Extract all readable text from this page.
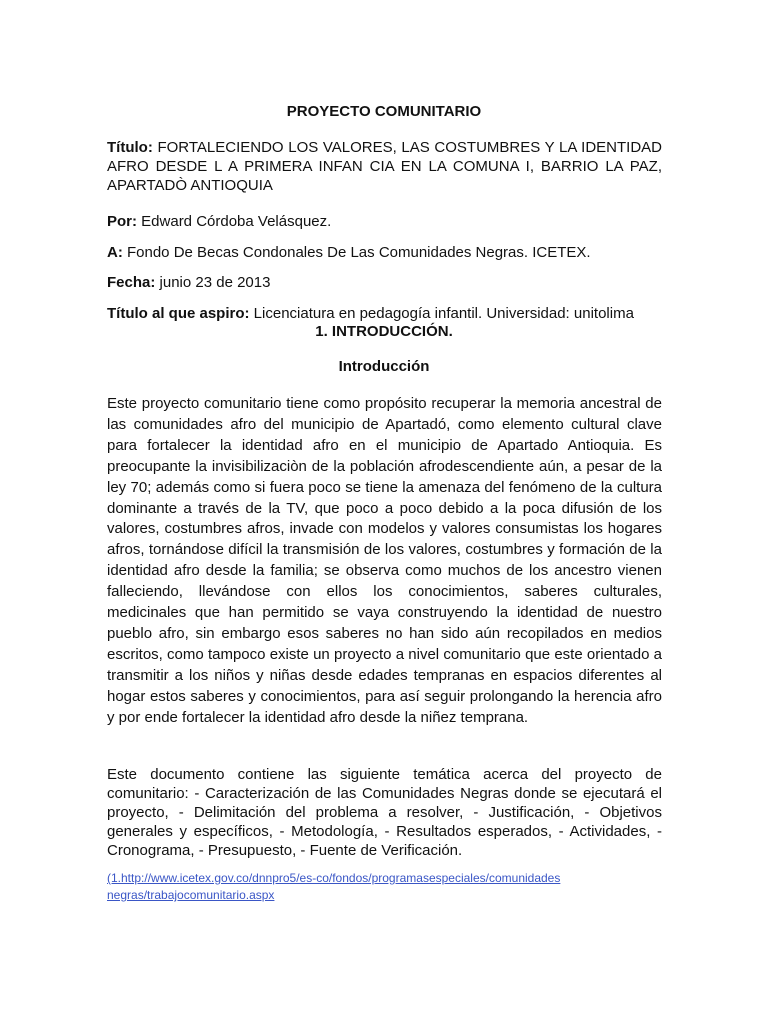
PROYECTO COMUNITARIO

Título: FORTALECIENDO LOS VALORES, LAS COSTUMBRES Y LA IDENTIDAD AFRO DESDE L A PRIMERA INFAN CIA EN LA COMUNA I, BARRIO LA PAZ, APARTADÒ ANTIOQUIA

Por: Edward Córdoba Velásquez.

A: Fondo De Becas Condonales De Las Comunidades Negras. ICETEX.

Fecha: junio 23 de 2013

Título al que aspiro: Licenciatura en pedagogía infantil. Universidad: unitolima

1. INTRODUCCIÓN.

Introducción

Este proyecto comunitario tiene como propósito recuperar la memoria ancestral de las comunidades afro del municipio de Apartadó, como elemento cultural clave para fortalecer la identidad afro en el municipio de Apartado Antioquia. Es preocupante la invisibilizaciòn de la población afrodescendiente aún, a pesar de la ley 70; además como si fuera poco se tiene la amenaza del fenómeno de la cultura dominante a través de la TV, que poco a poco debido a la poca difusión de los valores, costumbres afros, invade con modelos y valores consumistas los hogares afros, tornándose difícil la transmisión de los valores, costumbres y formación de la identidad afro desde la familia; se observa como muchos de los ancestro vienen falleciendo, llevándose con ellos los conocimientos, saberes culturales, medicinales que han permitido se vaya construyendo la identidad de nuestro pueblo afro, sin embargo esos saberes no han sido aún recopilados en medios escritos, como tampoco existe un proyecto a nivel comunitario que este orientado a transmitir a los niños y niñas desde edades tempranas en espacios diferentes al hogar estos saberes y conocimientos, para así seguir prolongando la herencia afro y por ende fortalecer la identidad afro desde la niñez temprana.

Este documento contiene las siguiente temática acerca del proyecto de comunitario: - Caracterización de las Comunidades Negras donde se ejecutará el proyecto, - Delimitación del problema a resolver, - Justificación, - Objetivos generales y específicos, - Metodología, - Resultados esperados, - Actividades, - Cronograma, - Presupuesto, - Fuente de Verificación.

(1.http://www.icetex.gov.co/dnnpro5/es-co/fondos/programasespeciales/comunidadesnegras/trabajocomunitario.aspx
